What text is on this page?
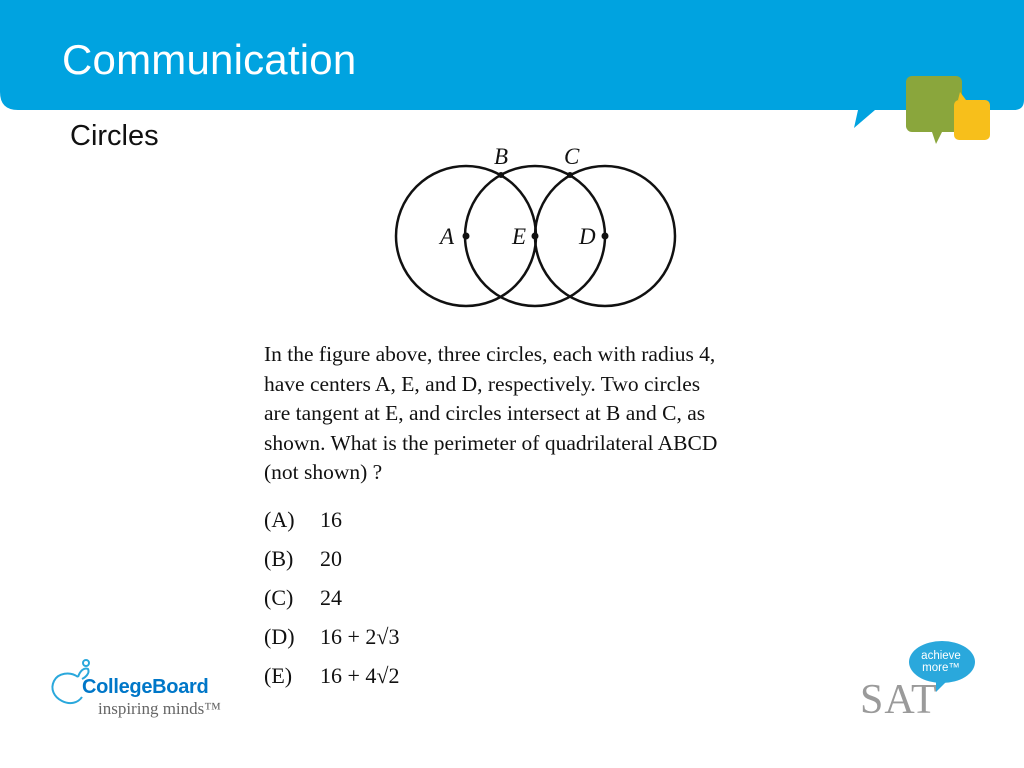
Communication
Circles
A	E D
B C

In the figure above, three circles, each with radius 4,

have centers A, E, and D, respectively. Two circles

are tangent at E, and circles intersect at B and C, as

shown. What is the perimeter of quadrilateral ABCD

(not shown) ?

(A)	16
(B)	20
(C)	24
(D)	16 + 2√3
(E)	16 + 4√2
CollegeBoard
inspiring minds™
achieve
more™
SAT
